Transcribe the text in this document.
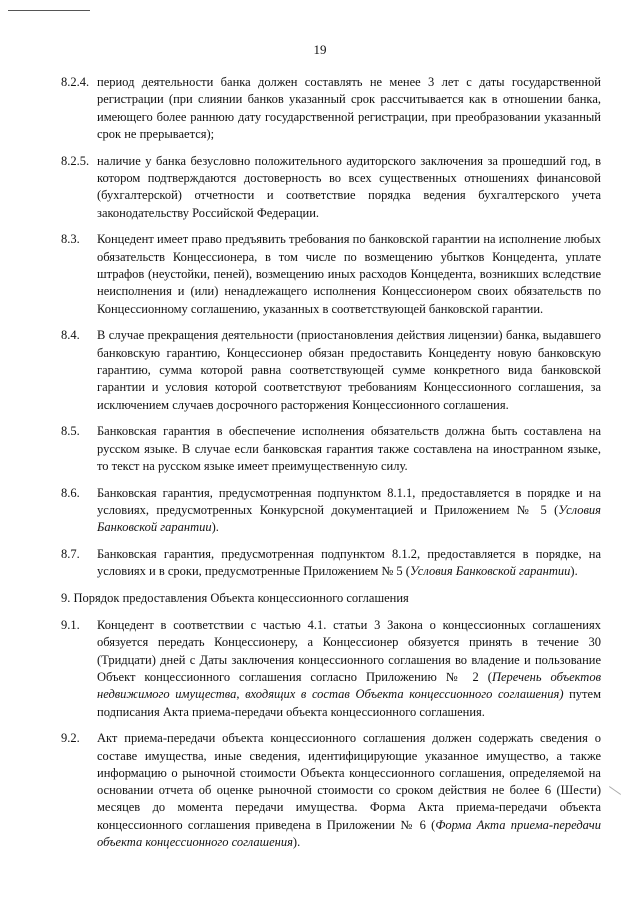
19
8.2.4. период деятельности банка должен составлять не менее 3 лет с даты государственной регистрации (при слиянии банков указанный срок рассчитывается как в отношении банка, имеющего более раннюю дату государственной регистрации, при преобразовании указанный срок не прерывается);
8.2.5. наличие у банка безусловно положительного аудиторского заключения за прошедший год, в котором подтверждаются достоверность во всех существенных отношениях финансовой (бухгалтерской) отчетности и соответствие порядка ведения бухгалтерского учета законодательству Российской Федерации.
8.3.	Концедент имеет право предъявить требования по банковской гарантии на исполнение любых обязательств Концессионера, в том числе по возмещению убытков Концедента, уплате штрафов (неустойки, пеней), возмещению иных расходов Концедента, возникших вследствие неисполнения и (или) ненадлежащего исполнения Концессионером своих обязательств по Концессионному соглашению, указанных в соответствующей банковской гарантии.
8.4.	В случае прекращения деятельности (приостановления действия лицензии) банка, выдавшего банковскую гарантию, Концессионер обязан предоставить Концеденту новую банковскую гарантию, сумма которой равна соответствующей сумме конкретного вида банковской гарантии и условия которой соответствуют требованиям Концессионного соглашения, за исключением случаев досрочного расторжения Концессионного соглашения.
8.5.	Банковская гарантия в обеспечение исполнения обязательств должна быть составлена на русском языке. В случае если банковская гарантия также составлена на иностранном языке, то текст на русском языке имеет преимущественную силу.
8.6.	Банковская гарантия, предусмотренная подпунктом 8.1.1, предоставляется в порядке и на условиях, предусмотренных Конкурсной документацией и Приложением № 5 (Условия Банковской гарантии).
8.7.	Банковская гарантия, предусмотренная подпунктом 8.1.2, предоставляется в порядке, на условиях и в сроки, предусмотренные Приложением № 5 (Условия Банковской гарантии).
9. Порядок предоставления Объекта концессионного соглашения
9.1.	Концедент в соответствии с частью 4.1. статьи 3 Закона о концессионных соглашениях обязуется передать Концессионеру, а Концессионер обязуется принять в течение 30 (Тридцати) дней с Даты заключения концессионного соглашения во владение и пользование Объект концессионного соглашения согласно Приложению № 2 (Перечень объектов недвижимого имущества, входящих в состав Объекта концессионного соглашения) путем подписания Акта приема-передачи объекта концессионного соглашения.
9.2.	Акт приема-передачи объекта концессионного соглашения должен содержать сведения о составе имущества, иные сведения, идентифицирующие указанное имущество, а также информацию о рыночной стоимости Объекта концессионного соглашения, определяемой на основании отчета об оценке рыночной стоимости со сроком действия не более 6 (Шести) месяцев до момента передачи имущества. Форма Акта приема-передачи объекта концессионного соглашения приведена в Приложении № 6 (Форма Акта приема-передачи объекта концессионного соглашения).
